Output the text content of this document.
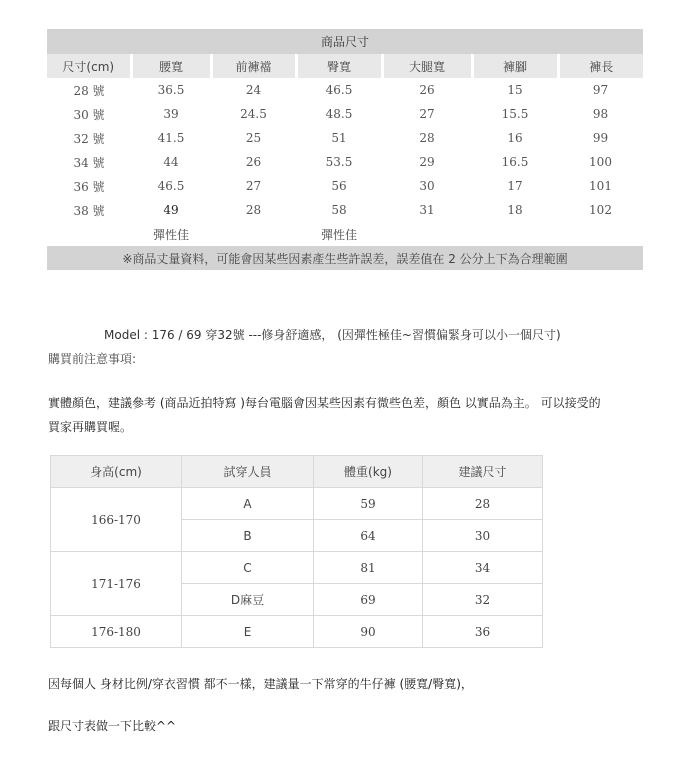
商品尺寸						
尺寸(cm)	腰寬	前褲襠	臀寬	大腿寬	褲腳	褲長
28 號	36.5	24	46.5	26	15	97
30 號	39	24.5	48.5	27	15.5	98
32 號	41.5	25	51	28	16	99
34 號	44	26	53.5	29	16.5	100
36 號	46.5	27	56	30	17	101
38 號	49	28	58	31	18	102
	彈性佳		彈性佳			
※商品丈量資料，可能會因某些因素產生些許誤差，誤差值在 2 公分上下為合理範圍						
Model : 176 / 69 穿32號 ---修身舒適感， (因彈性極佳~習慣偏緊身可以小一個尺寸)
購買前注意事項:
實體顏色，建議參考 (商品近拍特寫 )每台電腦會因某些因素有微些色差，顏色 以實品為主。 可以接受的
買家再購買喔。
身高(cm)	試穿人員	體重(kg)	建議尺寸
166-170	A	59	28
	B	64	30
171-176	C	81	34
	D麻豆	69	32
176-180	E	90	36
因每個人 身材比例/穿衣習慣 都不一樣，建議量一下常穿的牛仔褲 (腰寬/臀寬)，
跟尺寸表做一下比較^^
